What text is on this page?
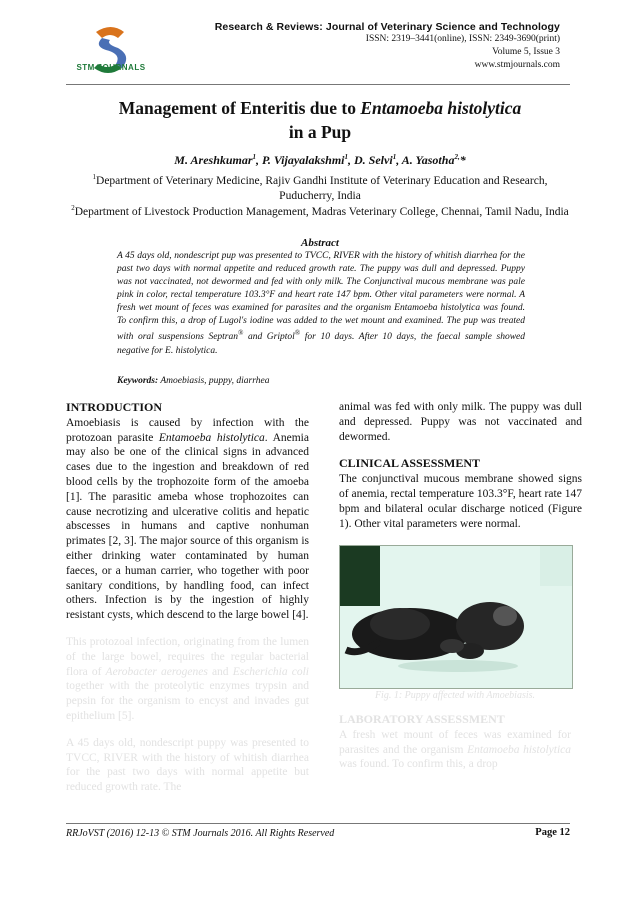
STM JOURNALS
Research & Reviews: Journal of Veterinary Science and Technology
ISSN: 2319–3441(online), ISSN: 2349-3690(print)
Volume 5, Issue 3
www.stmjournals.com
Management of Enteritis due to Entamoeba histolytica
in a Pup
M. Areshkumar$^1$, P. Vijayalakshmi$^1$, D. Selvi$^1$, A. Yasotha$^{2,}$*
$^1$Department of Veterinary Medicine, Rajiv Gandhi Institute of Veterinary Education and Research, Puducherry, India
$^2$Department of Livestock Production Management, Madras Veterinary College, Chennai, Tamil Nadu, India
Abstract
A 45 days old, nondescript pup was presented to TVCC, RIVER with the history of whitish diarrhea for the past two days with normal appetite and reduced growth rate. The puppy was dull and depressed. Puppy was not vaccinated, not dewormed and fed with only milk. The Conjunctival mucous membrane was pale pink in color, rectal temperature 103.3°F and heart rate 147 bpm. Other vital parameters were normal. A fresh wet mount of feces was examined for parasites and the organism Entamoeba histolytica was found. To confirm this, a drop of Lugol's iodine was added to the wet mount and examined. The pup was treated with oral suspensions Septran® and Griptol® for 10 days. After 10 days, the faecal sample showed negative for E. histolytica.
Keywords: Amoebiasis, puppy, diarrhea
INTRODUCTION

Amoebiasis is caused by infection with the protozoan parasite Entamoeba histolytica. Anemia may also be one of the clinical signs in advanced cases due to the ingestion and breakdown of red blood cells by the trophozoite form of the amoeba [1]. The parasitic ameba whose trophozoites can cause necrotizing and ulcerative colitis and hepatic abscesses in humans and captive nonhuman primates [2, 3]. The major source of this organism is either drinking water contaminated by human faeces, or a human carrier, who together with poor sanitary conditions, by handling food, can infect others. Infection is by the ingestion of highly resistant cysts, which descend to the large bowel [4].

This protozoal infection, originating from the lumen of the large bowel, requires the regular bacterial flora of Aerobacter aerogenes and Escherichia coli together with the proteolytic enzymes trypsin and pepsin for the organism to encyst and invades gut epithelium [5].

A 45 days old, nondescript puppy was presented to TVCC, RIVER with the history of whitish diarrhea for the past two days with normal appetite but reduced growth rate. The

animal was fed with only milk. The puppy was dull and depressed. Puppy was not vaccinated and dewormed.

CLINICAL ASSESSMENT

The conjunctival mucous membrane showed signs of anemia, rectal temperature 103.3°F, heart rate 147 bpm and bilateral ocular discharge noticed (Figure 1). Other vital parameters were normal.

Fig. 1: Puppy affected with Amoebiasis.
LABORATORY ASSESSMENT
A fresh wet mount of feces was examined for parasites and the organism Entamoeba histolytica was found. To confirm this, a drop
RRJoVST (2016) 12-13 © STM Journals 2016. All Rights Reserved	Page 12
